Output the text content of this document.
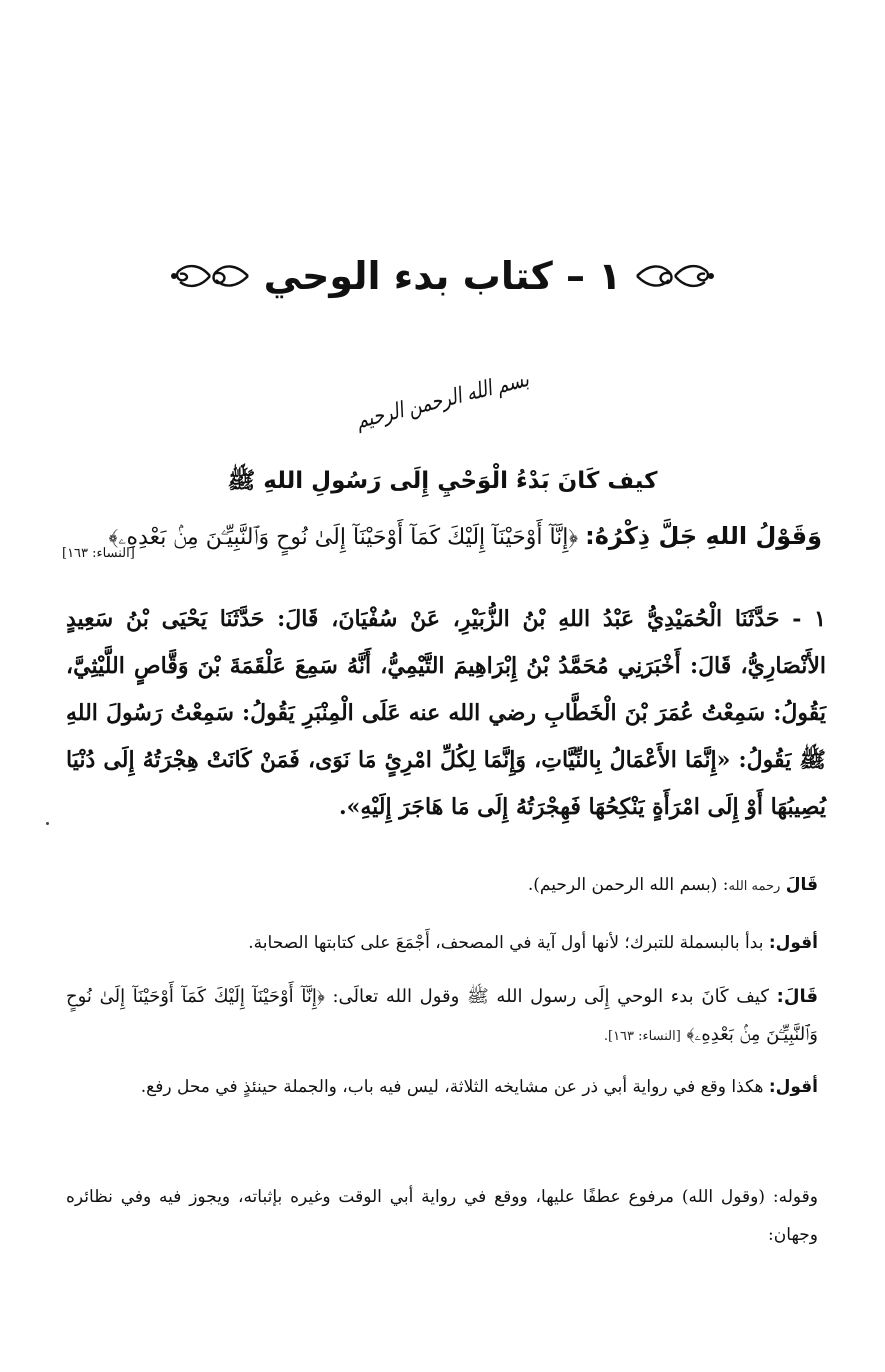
١ – كتاب بدء الوحي
بسم الله الرحمن الرحيم
كيف كَانَ بَدْءُ الْوَحْيِ إِلَى رَسُولِ اللهِ ﷺ
وَقَوْلُ اللهِ جَلَّ ذِكْرُهُ: ﴿إِنَّآ أَوْحَيْنَآ إِلَيْكَ كَمَآ أَوْحَيْنَآ إِلَىٰ نُوحٍ وَٱلنَّبِيِّـۧنَ مِنۢ بَعْدِهِۦ﴾
[النساء: ١٦٣]

١ - حَدَّثَنَا الْحُمَيْدِيُّ عَبْدُ اللهِ بْنُ الزُّبَيْرِ، عَنْ سُفْيَانَ، قَالَ: حَدَّثَنَا يَحْيَى بْنُ سَعِيدٍ الأَنْصَارِيُّ، قَالَ: أَخْبَرَنِي مُحَمَّدُ بْنُ إِبْرَاهِيمَ التَّيْمِيُّ، أَنَّهُ سَمِعَ عَلْقَمَةَ بْنَ وَقَّاصٍ اللَّيْثِيَّ، يَقُولُ: سَمِعْتُ عُمَرَ بْنَ الْخَطَّابِ رضي الله عنه عَلَى الْمِنْبَرِ يَقُولُ: سَمِعْتُ رَسُولَ اللهِ ﷺ يَقُولُ: «إِنَّمَا الأَعْمَالُ بِالنِّيَّاتِ، وَإِنَّمَا لِكُلِّ امْرِئٍ مَا نَوَى، فَمَنْ كَانَتْ هِجْرَتُهُ إِلَى دُنْيَا يُصِيبُهَا أَوْ إِلَى امْرَأَةٍ يَنْكِحُهَا فَهِجْرَتُهُ إِلَى مَا هَاجَرَ إِلَيْهِ».

قَالَ رحمه الله: (بسم الله الرحمن الرحيم).
أقول: بدأ بالبسملة للتبرك؛ لأنها أول آية في المصحف، أَجْمَعَ على كتابتها الصحابة.
قَالَ: كيف كَانَ بدء الوحي إِلَى رسول الله ﷺ وقول الله تعالَى: ﴿إِنَّآ أَوْحَيْنَآ إِلَيْكَ كَمَآ أَوْحَيْنَآ إِلَىٰ نُوحٍ وَٱلنَّبِيِّـۧنَ مِنۢ بَعْدِهِۦ﴾ [النساء: ١٦٣].
أقول: هكذا وقع في رواية أبي ذر عن مشايخه الثلاثة، ليس فيه باب، والجملة حينئذٍ في محل رفع.
وقوله: (وقول الله) مرفوع عطفًا عليها، ووقع في رواية أبي الوقت وغيره بإثباته، ويجوز فيه وفي نظائره وجهان:
